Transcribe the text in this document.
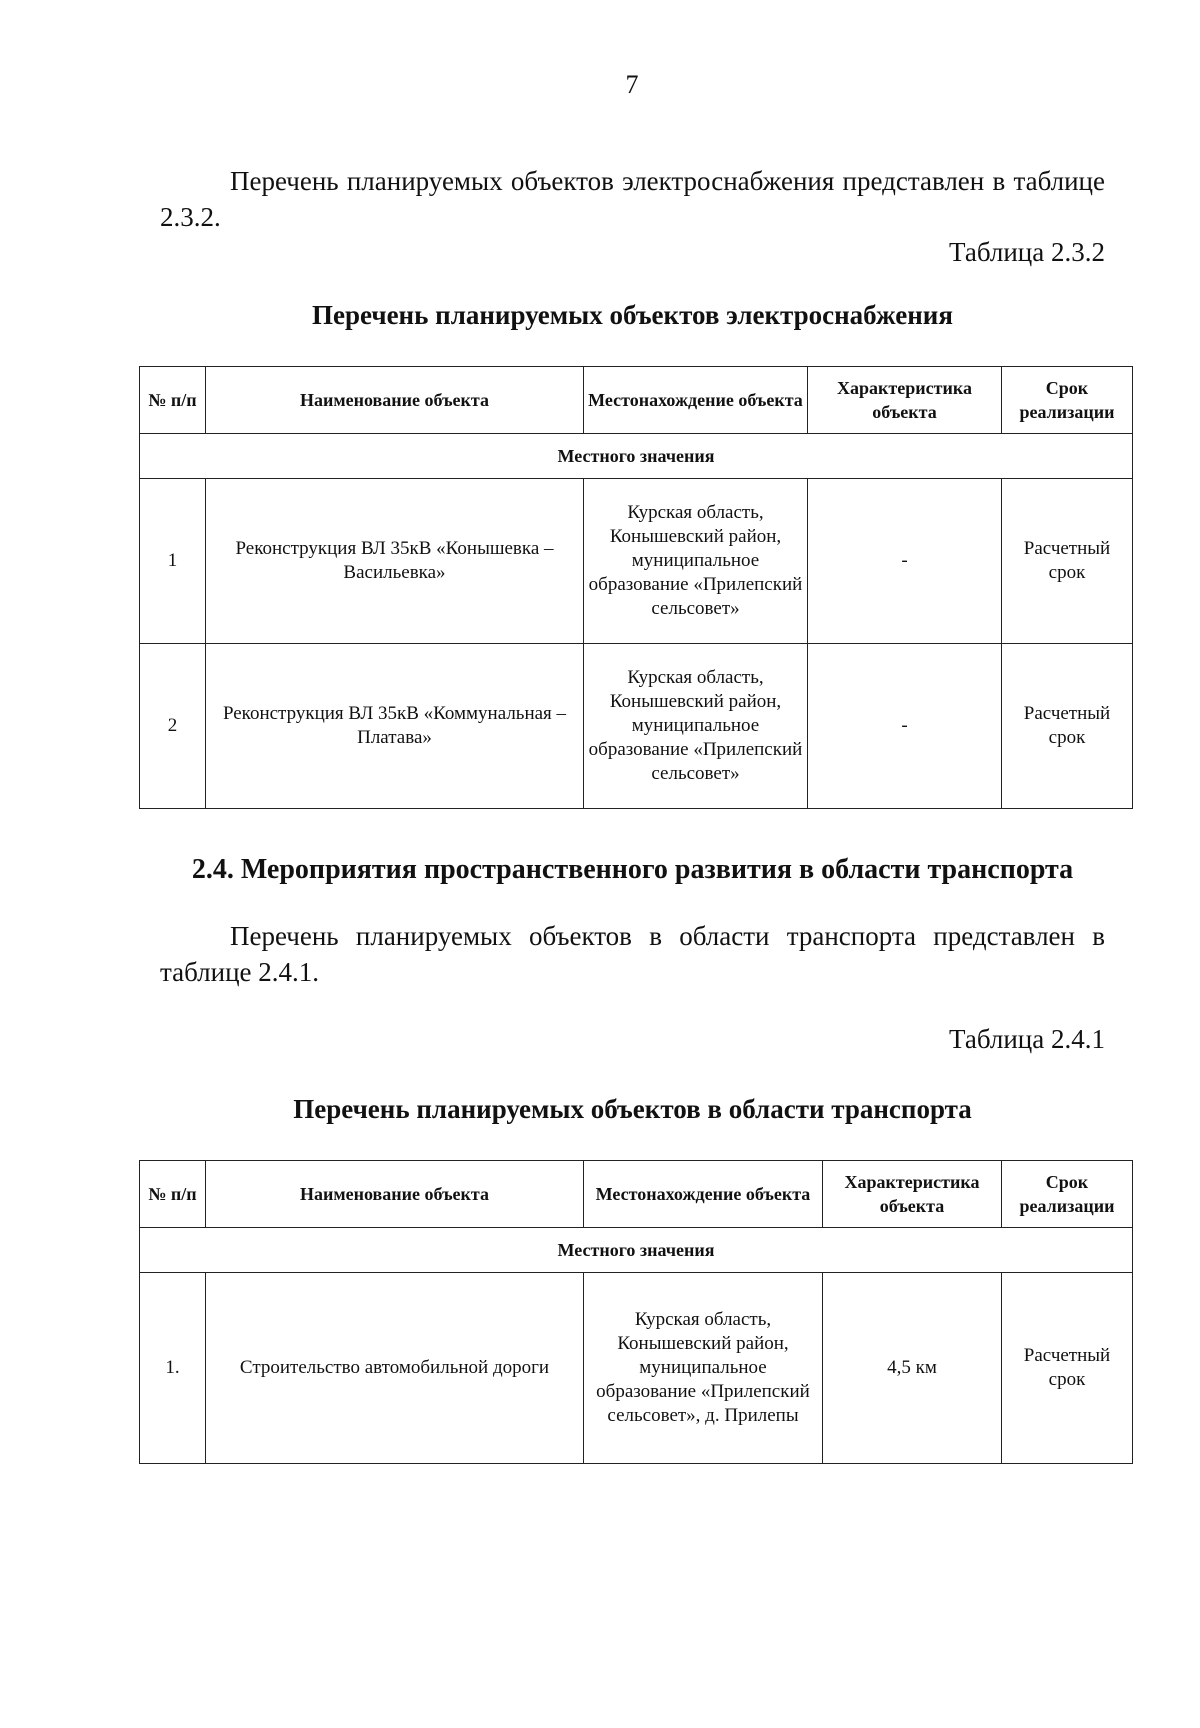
7
Перечень планируемых объектов электроснабжения представлен в таблице 2.3.2.
Таблица 2.3.2
Перечень планируемых объектов электроснабжения
№ п/п	Наименование объекта	Местонахождение объекта	Характеристика объекта	Срок реализации
Местного значения				
1	Реконструкция ВЛ 35кВ «Конышевка – Васильевка»	Курская область, Конышевский район, муниципальное образование «Прилепский сельсовет»	-	Расчетный срок
2	Реконструкция ВЛ 35кВ «Коммунальная – Платава»	Курская область, Конышевский район, муниципальное образование «Прилепский сельсовет»	-	Расчетный срок
2.4. Мероприятия пространственного развития в области транспорта
Перечень планируемых объектов в области транспорта представлен в таблице 2.4.1.
Таблица 2.4.1
Перечень планируемых объектов в области транспорта
№ п/п	Наименование объекта	Местонахождение объекта	Характеристика объекта	Срок реализации
Местного значения				
1.	Строительство автомобильной дороги	Курская область, Конышевский район, муниципальное образование «Прилепский сельсовет», д. Прилепы	4,5 км	Расчетный срок
